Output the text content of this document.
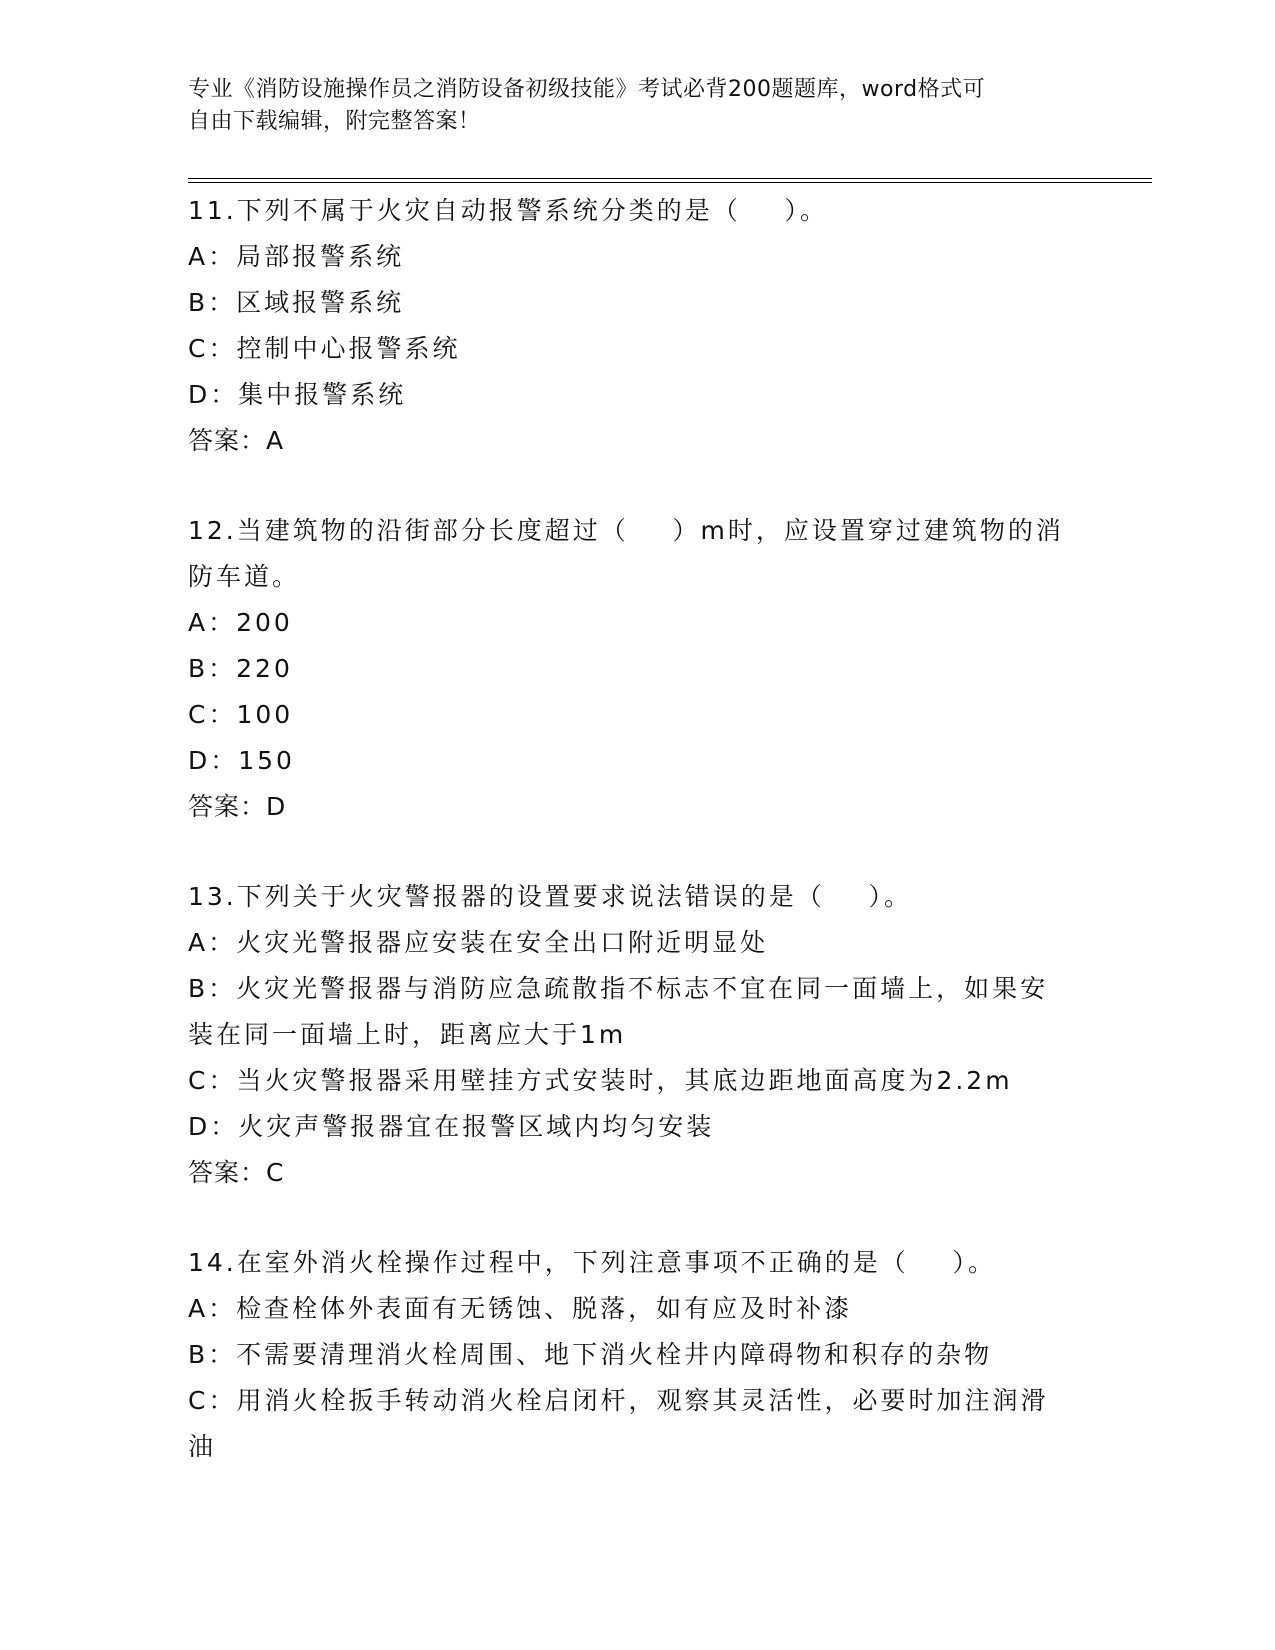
专业《消防设施操作员之消防设备初级技能》考试必背200题题库，word格式可
自由下载编辑，附完整答案！
11.下列不属于火灾自动报警系统分类的是（    ）。
A：局部报警系统
B：区域报警系统
C：控制中心报警系统
D：集中报警系统
答案：A
12.当建筑物的沿街部分长度超过（    ）m时，应设置穿过建筑物的消
防车道。
A：200
B：220
C：100
D：150
答案：D
13.下列关于火灾警报器的设置要求说法错误的是（    ）。
A：火灾光警报器应安装在安全出口附近明显处
B：火灾光警报器与消防应急疏散指不标志不宜在同一面墙上，如果安
装在同一面墙上时，距离应大于1m
C：当火灾警报器采用壁挂方式安装时，其底边距地面高度为2.2m
D：火灾声警报器宜在报警区域内均匀安装
答案：C
14.在室外消火栓操作过程中，下列注意事项不正确的是（    ）。
A：检查栓体外表面有无锈蚀、脱落，如有应及时补漆
B：不需要清理消火栓周围、地下消火栓井内障碍物和积存的杂物
C：用消火栓扳手转动消火栓启闭杆，观察其灵活性，必要时加注润滑
油
